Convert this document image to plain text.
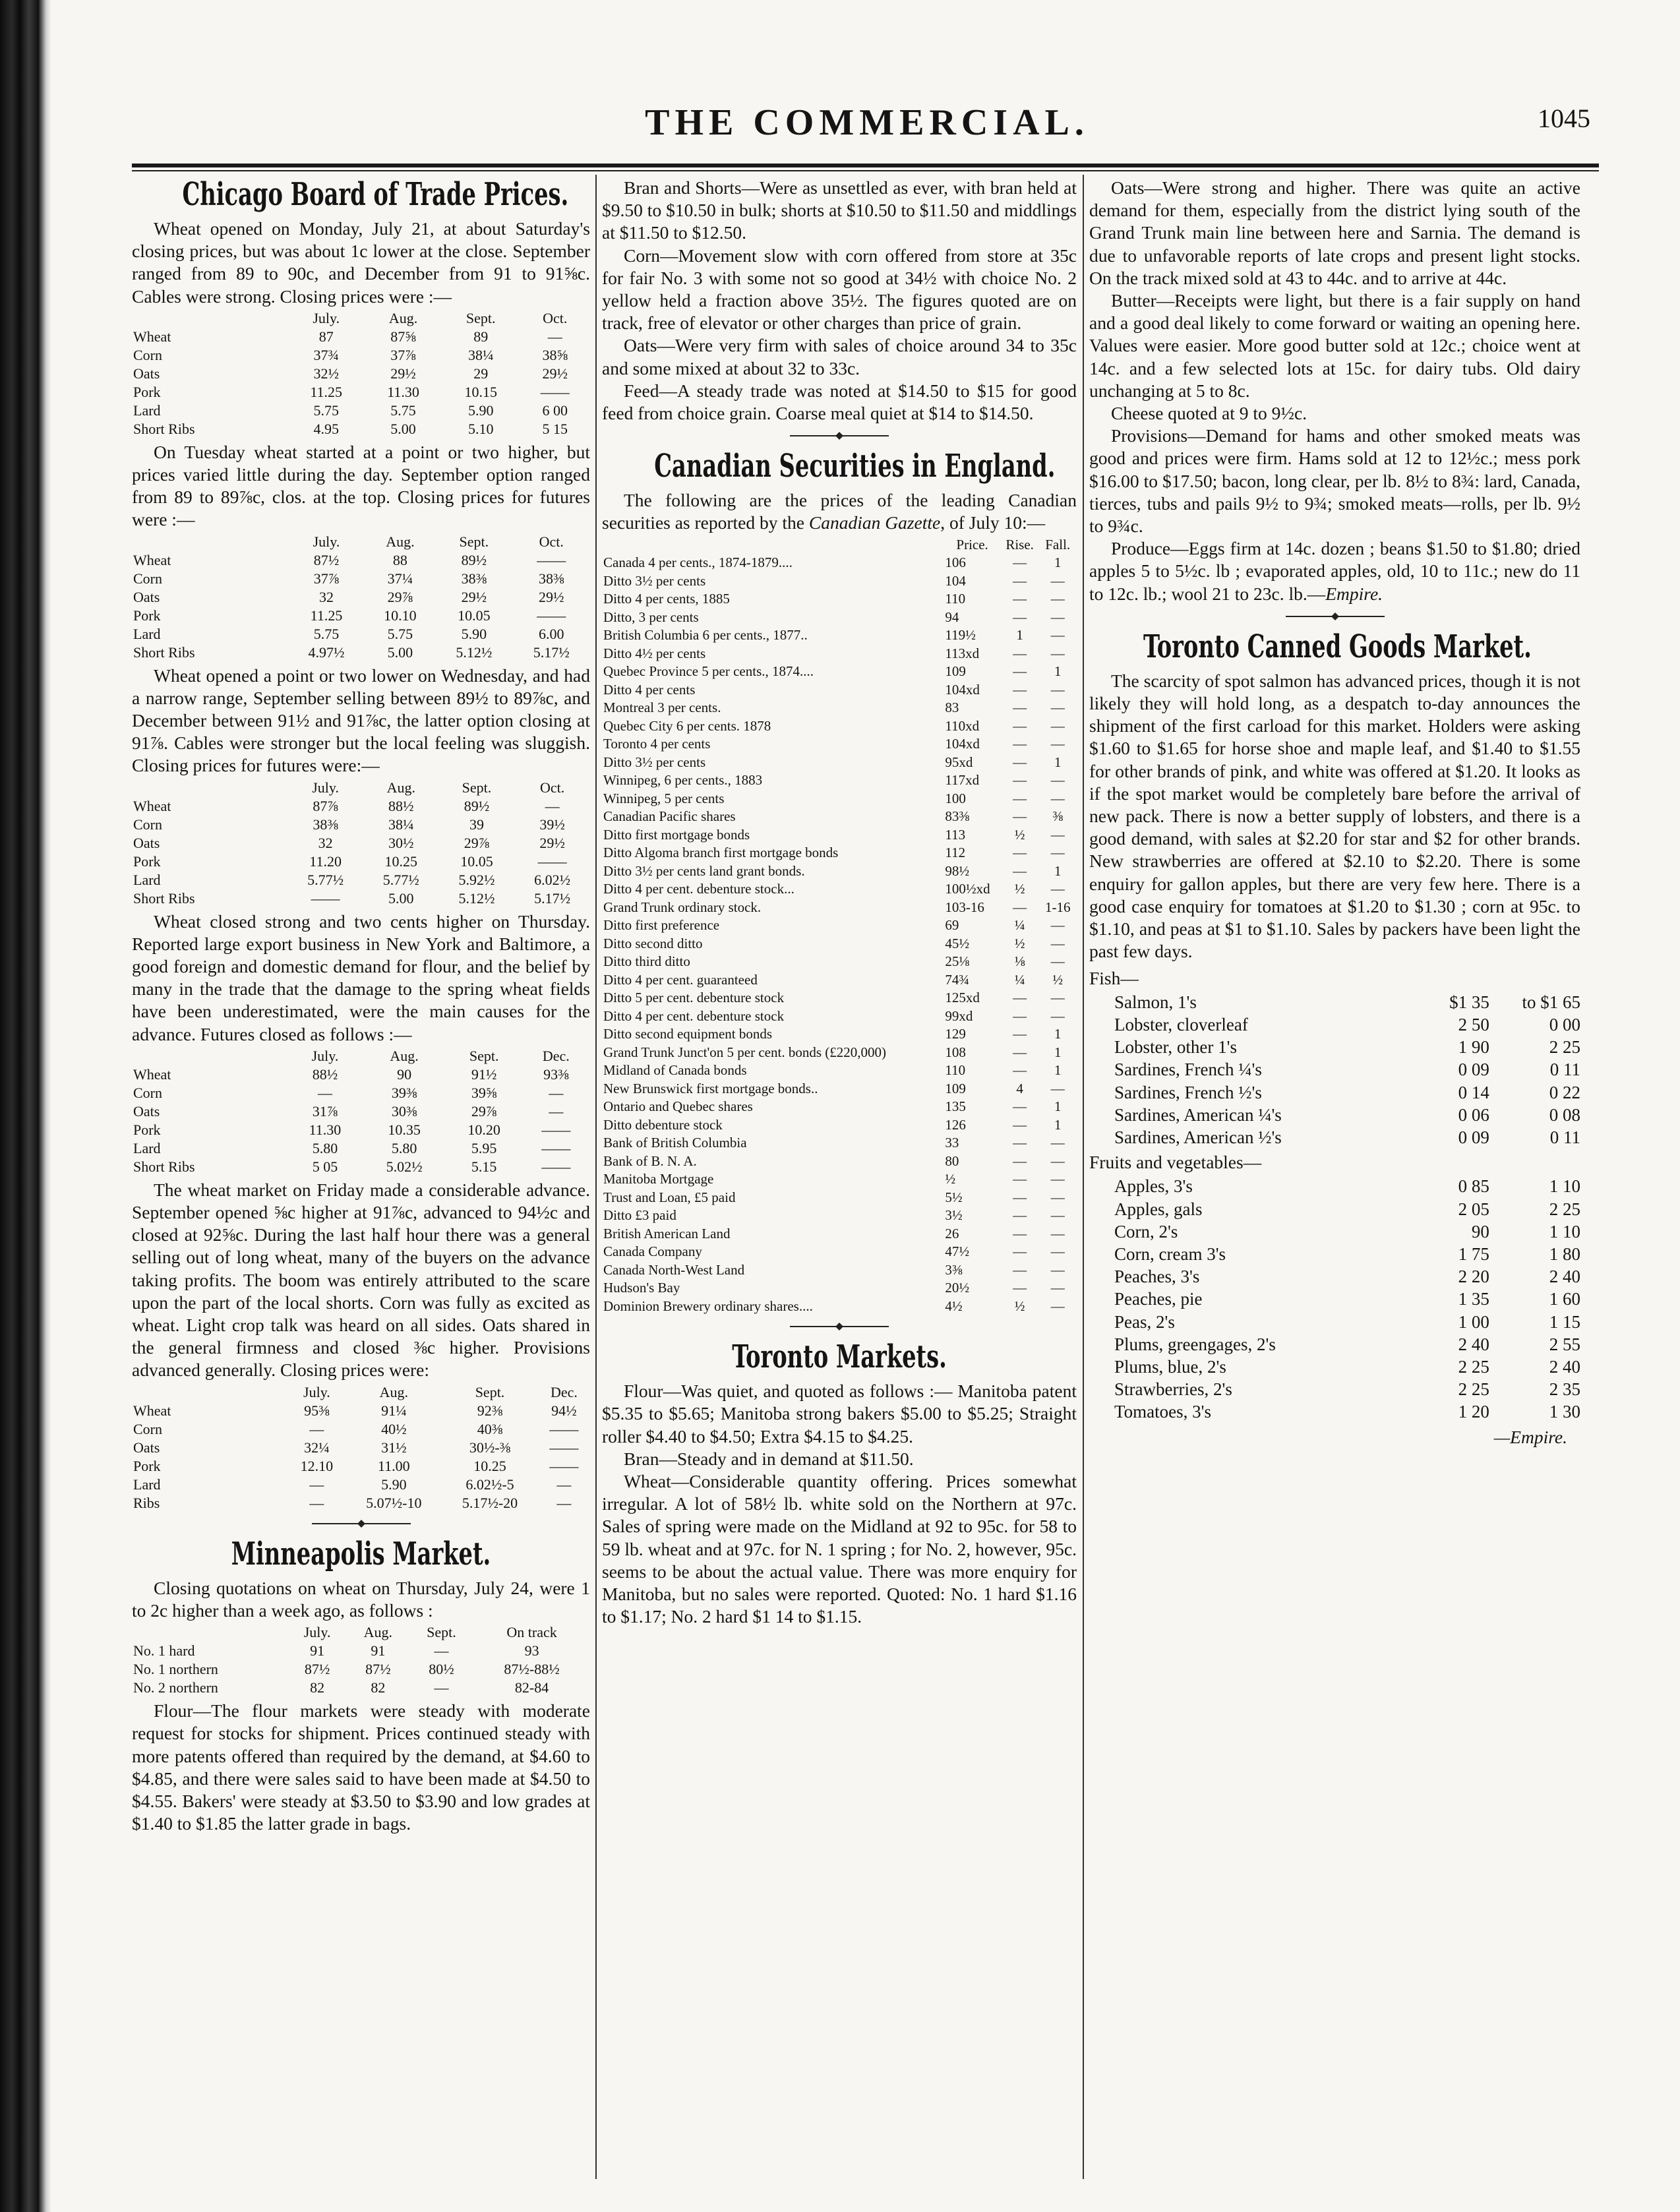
THE COMMERCIAL.	1045
Chicago Board of Trade Prices.

Wheat opened on Monday, July 21, at about Saturday's closing prices, but was about 1c lower at the close. September ranged from 89 to 90c, and December from 91 to 91⅝c. Cables were strong. Closing prices were :—

	July.	Aug.	Sept.	Oct.
Wheat	87	87⅝	89	—
Corn	37¾	37⅞	38¼	38⅝
Oats	32½	29½	29	29½
Pork	11.25	11.30	10.15	——
Lard	5.75	5.75	5.90	6 00
Short Ribs	4.95	5.00	5.10	5 15

On Tuesday wheat started at a point or two higher, but prices varied little during the day. September option ranged from 89 to 89⅞c, clos. at the top. Closing prices for futures were :—

	July.	Aug.	Sept.	Oct.
Wheat	87½	88	89½	——
Corn	37⅞	37¼	38⅜	38⅜
Oats	32	29⅞	29½	29½
Pork	11.25	10.10	10.05	——
Lard	5.75	5.75	5.90	6.00
Short Ribs	4.97½	5.00	5.12½	5.17½

Wheat opened a point or two lower on Wednesday, and had a narrow range, September selling between 89½ to 89⅞c, and December between 91½ and 91⅞c, the latter option closing at 91⅞. Cables were stronger but the local feeling was sluggish. Closing prices for futures were:—

	July.	Aug.	Sept.	Oct.
Wheat	87⅞	88½	89½	—
Corn	38⅜	38¼	39	39½
Oats	32	30½	29⅞	29½
Pork	11.20	10.25	10.05	——
Lard	5.77½	5.77½	5.92½	6.02½
Short Ribs	——	5.00	5.12½	5.17½

Wheat closed strong and two cents higher on Thursday. Reported large export business in New York and Baltimore, a good foreign and domestic demand for flour, and the belief by many in the trade that the damage to the spring wheat fields have been underestimated, were the main causes for the advance. Futures closed as follows :—

	July.	Aug.	Sept.	Dec.
Wheat	88½	90	91½	93⅜
Corn	—	39⅜	39⅝	—
Oats	31⅞	30⅜	29⅞	—
Pork	11.30	10.35	10.20	——
Lard	5.80	5.80	5.95	——
Short Ribs	5 05	5.02½	5.15	——

The wheat market on Friday made a considerable advance. September opened ⅝c higher at 91⅞c, advanced to 94½c and closed at 92⅝c. During the last half hour there was a general selling out of long wheat, many of the buyers on the advance taking profits. The boom was entirely attributed to the scare upon the part of the local shorts. Corn was fully as excited as wheat. Light crop talk was heard on all sides. Oats shared in the general firmness and closed ⅜c higher. Provisions advanced generally. Closing prices were:

	July.	Aug.	Sept.	Dec.
Wheat	95⅜	91¼	92⅜	94½
Corn	—	40½	40⅜	——
Oats	32¼	31½	30½-⅜	——
Pork	12.10	11.00	10.25	——
Lard	—	5.90	6.02½-5	—
Ribs	—	5.07½-10	5.17½-20	—
Minneapolis Market.

Closing quotations on wheat on Thursday, July 24, were 1 to 2c higher than a week ago, as follows :

	July.	Aug.	Sept.	On track
No. 1 hard	91	91	—	93
No. 1 northern	87½	87½	80½	87½-88½
No. 2 northern	82	82	—	82-84

Flour—The flour markets were steady with moderate request for stocks for shipment. Prices continued steady with more patents offered than required by the demand, at $4.60 to $4.85, and there were sales said to have been made at $4.50 to $4.55. Bakers' were steady at $3.50 to $3.90 and low grades at $1.40 to $1.85 the latter grade in bags.

Bran and Shorts—Were as unsettled as ever, with bran held at $9.50 to $10.50 in bulk; shorts at $10.50 to $11.50 and middlings at $11.50 to $12.50.

Corn—Movement slow with corn offered from store at 35c for fair No. 3 with some not so good at 34½ with choice No. 2 yellow held a fraction above 35½. The figures quoted are on track, free of elevator or other charges than price of grain.

Oats—Were very firm with sales of choice around 34 to 35c and some mixed at about 32 to 33c.

Feed—A steady trade was noted at $14.50 to $15 for good feed from choice grain. Coarse meal quiet at $14 to $14.50.

Canadian Securities in England.

The following are the prices of the leading Canadian securities as reported by the Canadian Gazette, of July 10:—

	Price.	Rise.	Fall.
Canada 4 per cents., 1874-1879....	106	—	1
Ditto 3½ per cents	104	—	—
Ditto 4 per cents, 1885	110	—	—
Ditto, 3 per cents	94	—	—
British Columbia 6 per cents., 1877..	119½	1	—
Ditto 4½ per cents	113xd	—	—
Quebec Province 5 per cents., 1874....	109	—	1
Ditto 4 per cents	104xd	—	—
Montreal 3 per cents.	83	—	—
Quebec City 6 per cents. 1878	110xd	—	—
Toronto 4 per cents	104xd	—	—
Ditto 3½ per cents	95xd	—	1
Winnipeg, 6 per cents., 1883	117xd	—	—
Winnipeg, 5 per cents	100	—	—
Canadian Pacific shares	83⅜	—	⅜
Ditto first mortgage bonds	113	½	—
Ditto Algoma branch first mortgage bonds	112	—	—
Ditto 3½ per cents land grant bonds.	98½	—	1
Ditto 4 per cent. debenture stock...	100½xd	½	—
Grand Trunk ordinary stock.	103-16	—	1-16
Ditto first preference	69	¼	—
Ditto second ditto	45½	½	—
Ditto third ditto	25⅛	⅛	—
Ditto 4 per cent. guaranteed	74¾	¼	½
Ditto 5 per cent. debenture stock	125xd	—	—
Ditto 4 per cent. debenture stock	99xd	—	—
Ditto second equipment bonds	129	—	1
Grand Trunk Junct'on 5 per cent. bonds (£220,000)	108	—	1
Midland of Canada bonds	110	—	1
New Brunswick first mortgage bonds..	109	4	—
Ontario and Quebec shares	135	—	1
Ditto debenture stock	126	—	1
Bank of British Columbia	33	—	—
Bank of B. N. A.	80	—	—
Manitoba Mortgage	½	—	—
Trust and Loan, £5 paid	5½	—	—
Ditto £3 paid	3½	—	—
British American Land	26	—	—
Canada Company	47½	—	—
Canada North-West Land	3⅜	—	—
Hudson's Bay	20½	—	—
Dominion Brewery ordinary shares....	4½	½	—
Toronto Markets.

Flour—Was quiet, and quoted as follows :— Manitoba patent $5.35 to $5.65; Manitoba strong bakers $5.00 to $5.25; Straight roller $4.40 to $4.50; Extra $4.15 to $4.25.

Bran—Steady and in demand at $11.50.

Wheat—Considerable quantity offering. Prices somewhat irregular. A lot of 58½ lb. white sold on the Northern at 97c. Sales of spring were made on the Midland at 92 to 95c. for 58 to 59 lb. wheat and at 97c. for N. 1 spring ; for No. 2, however, 95c. seems to be about the actual value. There was more enquiry for Manitoba, but no sales were reported. Quoted: No. 1 hard $1.16 to $1.17; No. 2 hard $1 14 to $1.15.

Oats—Were strong and higher. There was quite an active demand for them, especially from the district lying south of the Grand Trunk main line between here and Sarnia. The demand is due to unfavorable reports of late crops and present light stocks. On the track mixed sold at 43 to 44c. and to arrive at 44c.

Butter—Receipts were light, but there is a fair supply on hand and a good deal likely to come forward or waiting an opening here. Values were easier. More good butter sold at 12c.; choice went at 14c. and a few selected lots at 15c. for dairy tubs. Old dairy unchanging at 5 to 8c.

Cheese quoted at 9 to 9½c.

Provisions—Demand for hams and other smoked meats was good and prices were firm. Hams sold at 12 to 12½c.; mess pork $16.00 to $17.50; bacon, long clear, per lb. 8½ to 8¾: lard, Canada, tierces, tubs and pails 9½ to 9¾; smoked meats—rolls, per lb. 9½ to 9¾c.

Produce—Eggs firm at 14c. dozen ; beans $1.50 to $1.80; dried apples 5 to 5½c. lb ; evaporated apples, old, 10 to 11c.; new do 11 to 12c. lb.; wool 21 to 23c. lb.—Empire.

Toronto Canned Goods Market.

The scarcity of spot salmon has advanced prices, though it is not likely they will hold long, as a despatch to-day announces the shipment of the first carload for this market. Holders were asking $1.60 to $1.65 for horse shoe and maple leaf, and $1.40 to $1.55 for other brands of pink, and white was offered at $1.20. It looks as if the spot market would be completely bare before the arrival of new pack. There is now a better supply of lobsters, and there is a good demand, with sales at $2.20 for star and $2 for other brands. New strawberries are offered at $2.10 to $2.20. There is some enquiry for gallon apples, but there are very few here. There is a good case enquiry for tomatoes at $1.20 to $1.30 ; corn at 95c. to $1.10, and peas at $1 to $1.10. Sales by packers have been light the past few days.

Fish—
Salmon, 1's	$1 35	to $1 65
Lobster, cloverleaf	2 50	0 00
Lobster, other 1's	1 90	2 25
Sardines, French ¼'s	0 09	0 11
Sardines, French ½'s	0 14	0 22
Sardines, American ¼'s	0 06	0 08
Sardines, American ½'s	0 09	0 11
Fruits and vegetables—
Apples, 3's	0 85	1 10
Apples, gals	2 05	2 25
Corn, 2's	90	1 10
Corn, cream 3's	1 75	1 80
Peaches, 3's	2 20	2 40
Peaches, pie	1 35	1 60
Peas, 2's	1 00	1 15
Plums, greengages, 2's	2 40	2 55
Plums, blue, 2's	2 25	2 40
Strawberries, 2's	2 25	2 35
Tomatoes, 3's	1 20	1 30
—Empire.
